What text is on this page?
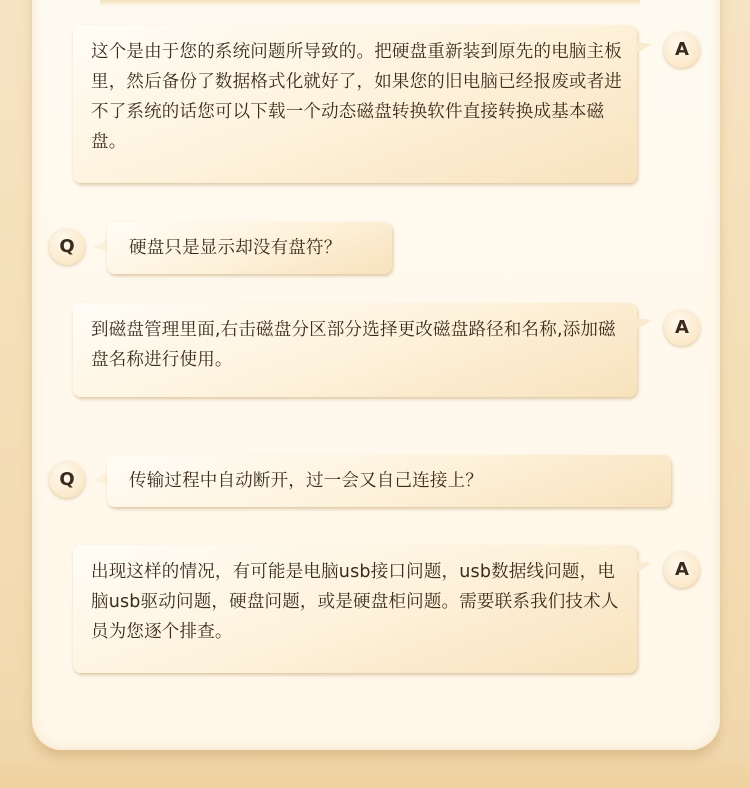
这个是由于您的系统问题所导致的。把硬盘重新装到原先的电脑主板里，然后备份了数据格式化就好了，如果您的旧电脑已经报废或者进不了系统的话您可以下载一个动态磁盘转换软件直接转换成基本磁盘。
A
Q	硬盘只是显示却没有盘符？
到磁盘管理里面,右击磁盘分区部分选择更改磁盘路径和名称,添加磁盘名称进行使用。
A
Q	传输过程中自动断开，过一会又自己连接上？
出现这样的情况，有可能是电脑usb接口问题，usb数据线问题，电脑usb驱动问题，硬盘问题，或是硬盘柜问题。需要联系我们技术人员为您逐个排查。
A
